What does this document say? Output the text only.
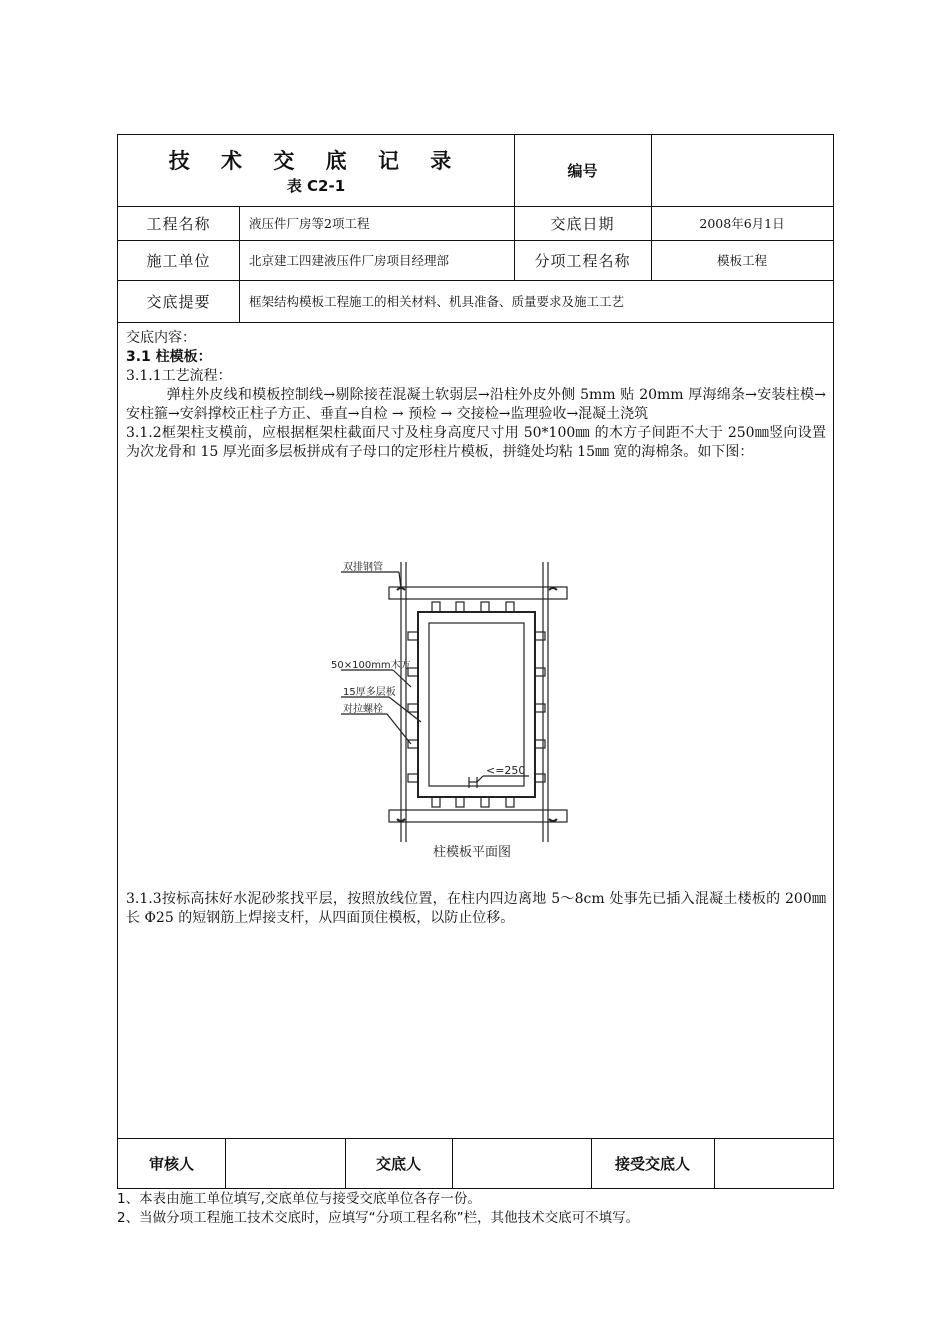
技 术 交 底 记 录
表 C2-1
编号
工程名称	液压件厂房等2项工程	交底日期	2008年6月1日
施工单位	北京建工四建液压件厂房项目经理部	分项工程名称	模板工程
交底提要	框架结构模板工程施工的相关材料、机具准备、质量要求及施工工艺

交底内容：

3.1 柱模板：

3.1.1工艺流程：

弹柱外皮线和模板控制线→剔除接茬混凝土软弱层→沿柱外皮外侧 5mm 贴 20mm 厚海绵条→安装柱模→安柱箍→安斜撑校正柱子方正、垂直→自检 → 预检 → 交接检→监理验收→混凝土浇筑

3.1.2框架柱支模前，应根据框架柱截面尺寸及柱身高度尺寸用 50*100㎜ 的木方子间距不大于 250㎜竖向设置为次龙骨和 15 厚光面多层板拼成有子母口的定形柱片模板，拼缝处均粘 15㎜ 宽的海棉条。如下图：

双排钢管
50×100mm木方
15厚多层板
对拉螺栓
<=250
柱模板平面图

3.1.3按标高抹好水泥砂浆找平层，按照放线位置，在柱内四边离地 5～8cm 处事先已插入混凝土楼板的 200㎜长 Φ25 的短钢筋上焊接支杆，从四面顶住模板，以防止位移。

审核人	交底人	接受交底人

1、本表由施工单位填写,交底单位与接受交底单位各存一份。

2、当做分项工程施工技术交底时，应填写“分项工程名称”栏，其他技术交底可不填写。
